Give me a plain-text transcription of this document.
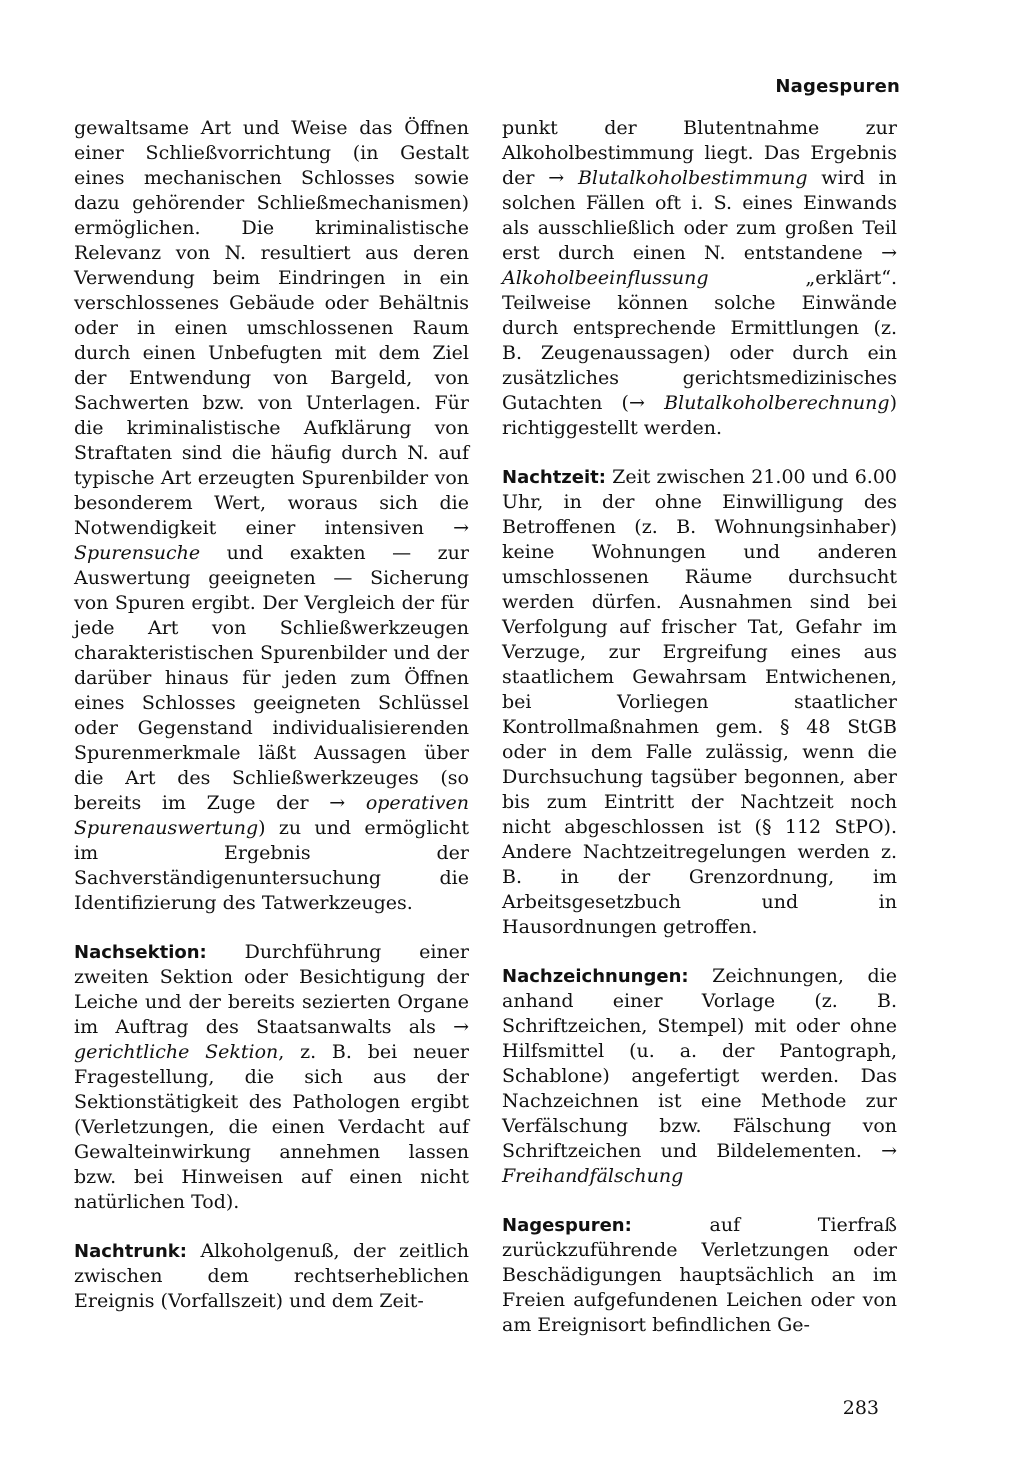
Nagespuren

gewaltsame Art und Weise das Öffnen einer Schließvorrichtung (in Gestalt eines mechanischen Schlosses sowie dazu gehörender Schließmechanismen) ermöglichen. Die kriminalistische Relevanz von N. resultiert aus deren Verwendung beim Eindringen in ein verschlossenes Gebäude oder Behältnis oder in einen umschlossenen Raum durch einen Unbefugten mit dem Ziel der Entwendung von Bargeld, von Sachwerten bzw. von Unterlagen. Für die kriminalistische Aufklärung von Straftaten sind die häufig durch N. auf typische Art erzeugten Spurenbilder von besonderem Wert, woraus sich die Notwendigkeit einer intensiven → Spurensuche und exakten — zur Auswertung geeigneten — Sicherung von Spuren ergibt. Der Vergleich der für jede Art von Schließwerkzeugen charakteristischen Spurenbilder und der darüber hinaus für jeden zum Öffnen eines Schlosses geeigneten Schlüssel oder Gegenstand individualisierenden Spurenmerkmale läßt Aussagen über die Art des Schließwerkzeuges (so bereits im Zuge der → operativen Spurenauswertung) zu und ermöglicht im Ergebnis der Sachverständigenuntersuchung die Identifizierung des Tatwerkzeuges.

Nachsektion: Durchführung einer zweiten Sektion oder Besichtigung der Leiche und der bereits sezierten Organe im Auftrag des Staatsanwalts als → gerichtliche Sektion, z. B. bei neuer Fragestellung, die sich aus der Sektionstätigkeit des Pathologen ergibt (Verletzungen, die einen Verdacht auf Gewalteinwirkung annehmen lassen bzw. bei Hinweisen auf einen nicht natürlichen Tod).

Nachtrunk: Alkoholgenuß, der zeitlich zwischen dem rechtserheblichen Ereignis (Vorfallszeit) und dem Zeit-

punkt der Blutentnahme zur Alkoholbestimmung liegt. Das Ergebnis der → Blutalkoholbestimmung wird in solchen Fällen oft i. S. eines Einwands als ausschließlich oder zum großen Teil erst durch einen N. entstandene → Alkoholbeeinflussung „erklärt“. Teilweise können solche Einwände durch entsprechende Ermittlungen (z. B. Zeugenaussagen) oder durch ein zusätzliches gerichtsmedizinisches Gutachten (→ Blutalkoholberechnung) richtiggestellt werden.

Nachtzeit: Zeit zwischen 21.00 und 6.00 Uhr, in der ohne Einwilligung des Betroffenen (z. B. Wohnungsinhaber) keine Wohnungen und anderen umschlossenen Räume durchsucht werden dürfen. Ausnahmen sind bei Verfolgung auf frischer Tat, Gefahr im Verzuge, zur Ergreifung eines aus staatlichem Gewahrsam Entwichenen, bei Vorliegen staatlicher Kontrollmaßnahmen gem. § 48 StGB oder in dem Falle zulässig, wenn die Durchsuchung tagsüber begonnen, aber bis zum Eintritt der Nachtzeit noch nicht abgeschlossen ist (§ 112 StPO). Andere Nachtzeitregelungen werden z. B. in der Grenzordnung, im Arbeitsgesetzbuch und in Hausordnungen getroffen.

Nachzeichnungen: Zeichnungen, die anhand einer Vorlage (z. B. Schriftzeichen, Stempel) mit oder ohne Hilfsmittel (u. a. der Pantograph, Schablone) angefertigt werden. Das Nachzeichnen ist eine Methode zur Verfälschung bzw. Fälschung von Schriftzeichen und Bildelementen. → Freihandfälschung

Nagespuren: auf Tierfraß zurückzuführende Verletzungen oder Beschädigungen hauptsächlich an im Freien aufgefundenen Leichen oder von am Ereignisort befindlichen Ge-

283
